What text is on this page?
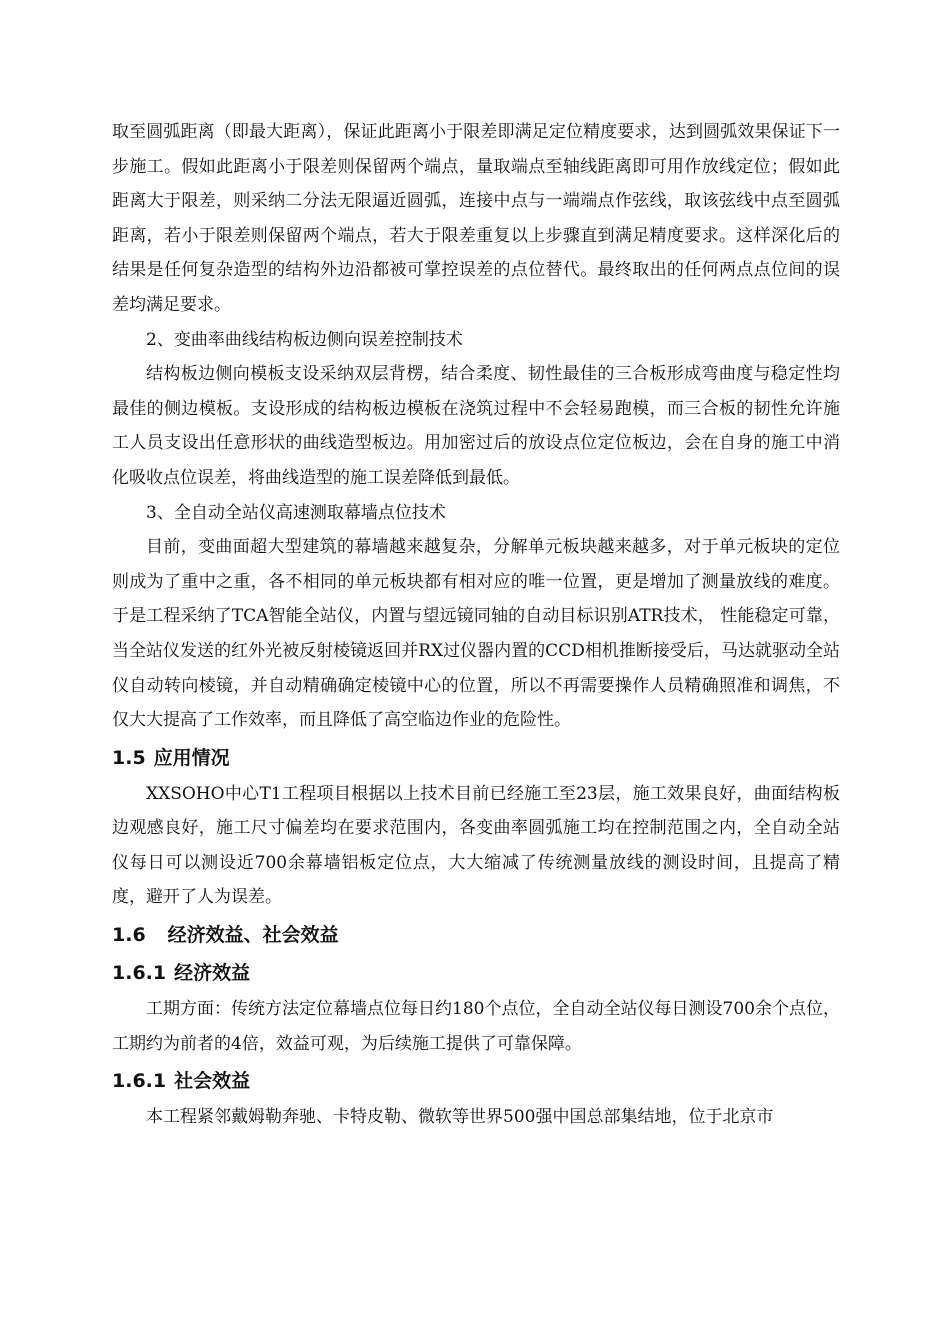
取至圆弧距离（即最大距离），保证此距离小于限差即满足定位精度要求，达到圆弧效果保证下一步施工。假如此距离小于限差则保留两个端点，量取端点至轴线距离即可用作放线定位；假如此距离大于限差，则采纳二分法无限逼近圆弧，连接中点与一端端点作弦线，取该弦线中点至圆弧距离，若小于限差则保留两个端点，若大于限差重复以上步骤直到满足精度要求。这样深化后的结果是任何复杂造型的结构外边沿都被可掌控误差的点位替代。最终取出的任何两点点位间的误差均满足要求。

2、变曲率曲线结构板边侧向误差控制技术

结构板边侧向模板支设采纳双层背楞，结合柔度、韧性最佳的三合板形成弯曲度与稳定性均最佳的侧边模板。支设形成的结构板边模板在浇筑过程中不会轻易跑模，而三合板的韧性允许施工人员支设出任意形状的曲线造型板边。用加密过后的放设点位定位板边，会在自身的施工中消化吸收点位误差，将曲线造型的施工误差降低到最低。

3、全自动全站仪高速测取幕墙点位技术

目前，变曲面超大型建筑的幕墙越来越复杂，分解单元板块越来越多，对于单元板块的定位则成为了重中之重，各不相同的单元板块都有相对应的唯一位置，更是增加了测量放线的难度。于是工程采纳了TCA智能全站仪，内置与望远镜同轴的自动目标识别ATR技术， 性能稳定可靠，当全站仪发送的红外光被反射棱镜返回并RX过仪器内置的CCD相机推断接受后，马达就驱动全站仪自动转向棱镜，并自动精确确定棱镜中心的位置，所以不再需要操作人员精确照准和调焦，不仅大大提高了工作效率，而且降低了高空临边作业的危险性。

1.5 应用情况

XXSOHO中心T1工程项目根据以上技术目前已经施工至23层，施工效果良好，曲面结构板边观感良好，施工尺寸偏差均在要求范围内，各变曲率圆弧施工均在控制范围之内，全自动全站仪每日可以测设近700余幕墙铝板定位点，大大缩减了传统测量放线的测设时间，且提高了精度，避开了人为误差。

1.6 经济效益、社会效益
1.6.1 经济效益

工期方面：传统方法定位幕墙点位每日约180个点位，全自动全站仪每日测设700余个点位，工期约为前者的4倍，效益可观，为后续施工提供了可靠保障。

1.6.1 社会效益

本工程紧邻戴姆勒奔驰、卡特皮勒、微软等世界500强中国总部集结地，位于北京市
